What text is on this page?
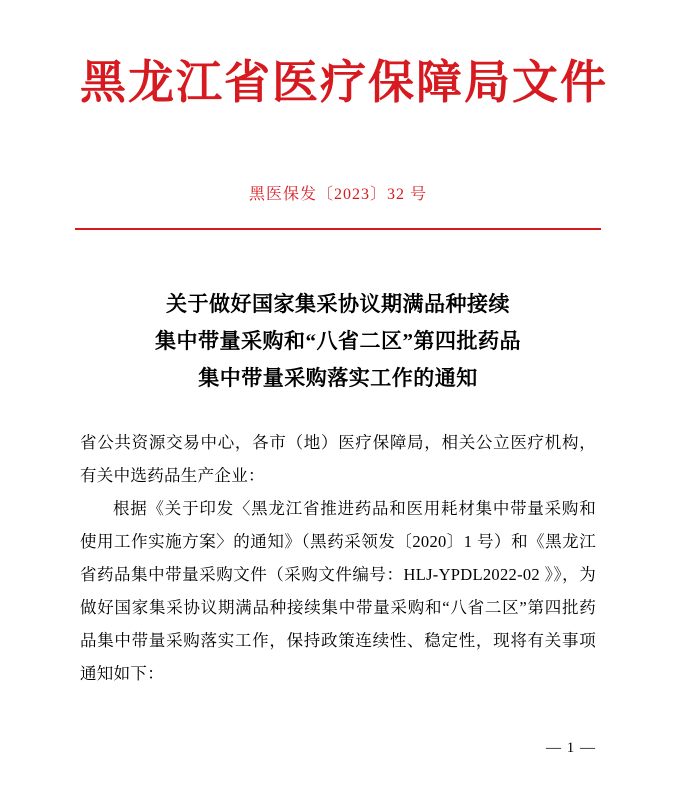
黑龙江省医疗保障局文件
黑医保发〔2023〕32 号
关于做好国家集采协议期满品种接续
集中带量采购和“八省二区”第四批药品
集中带量采购落实工作的通知

省公共资源交易中心，各市（地）医疗保障局，相关公立医疗机构，有关中选药品生产企业：

根据《关于印发〈黑龙江省推进药品和医用耗材集中带量采购和使用工作实施方案〉的通知》（黑药采领发〔2020〕1 号）和《黑龙江省药品集中带量采购文件（采购文件编号：HLJ-YPDL2022-02 》》，为做好国家集采协议期满品种接续集中带量采购和“八省二区”第四批药品集中带量采购落实工作，保持政策连续性、稳定性，现将有关事项通知如下：

— 1 —
